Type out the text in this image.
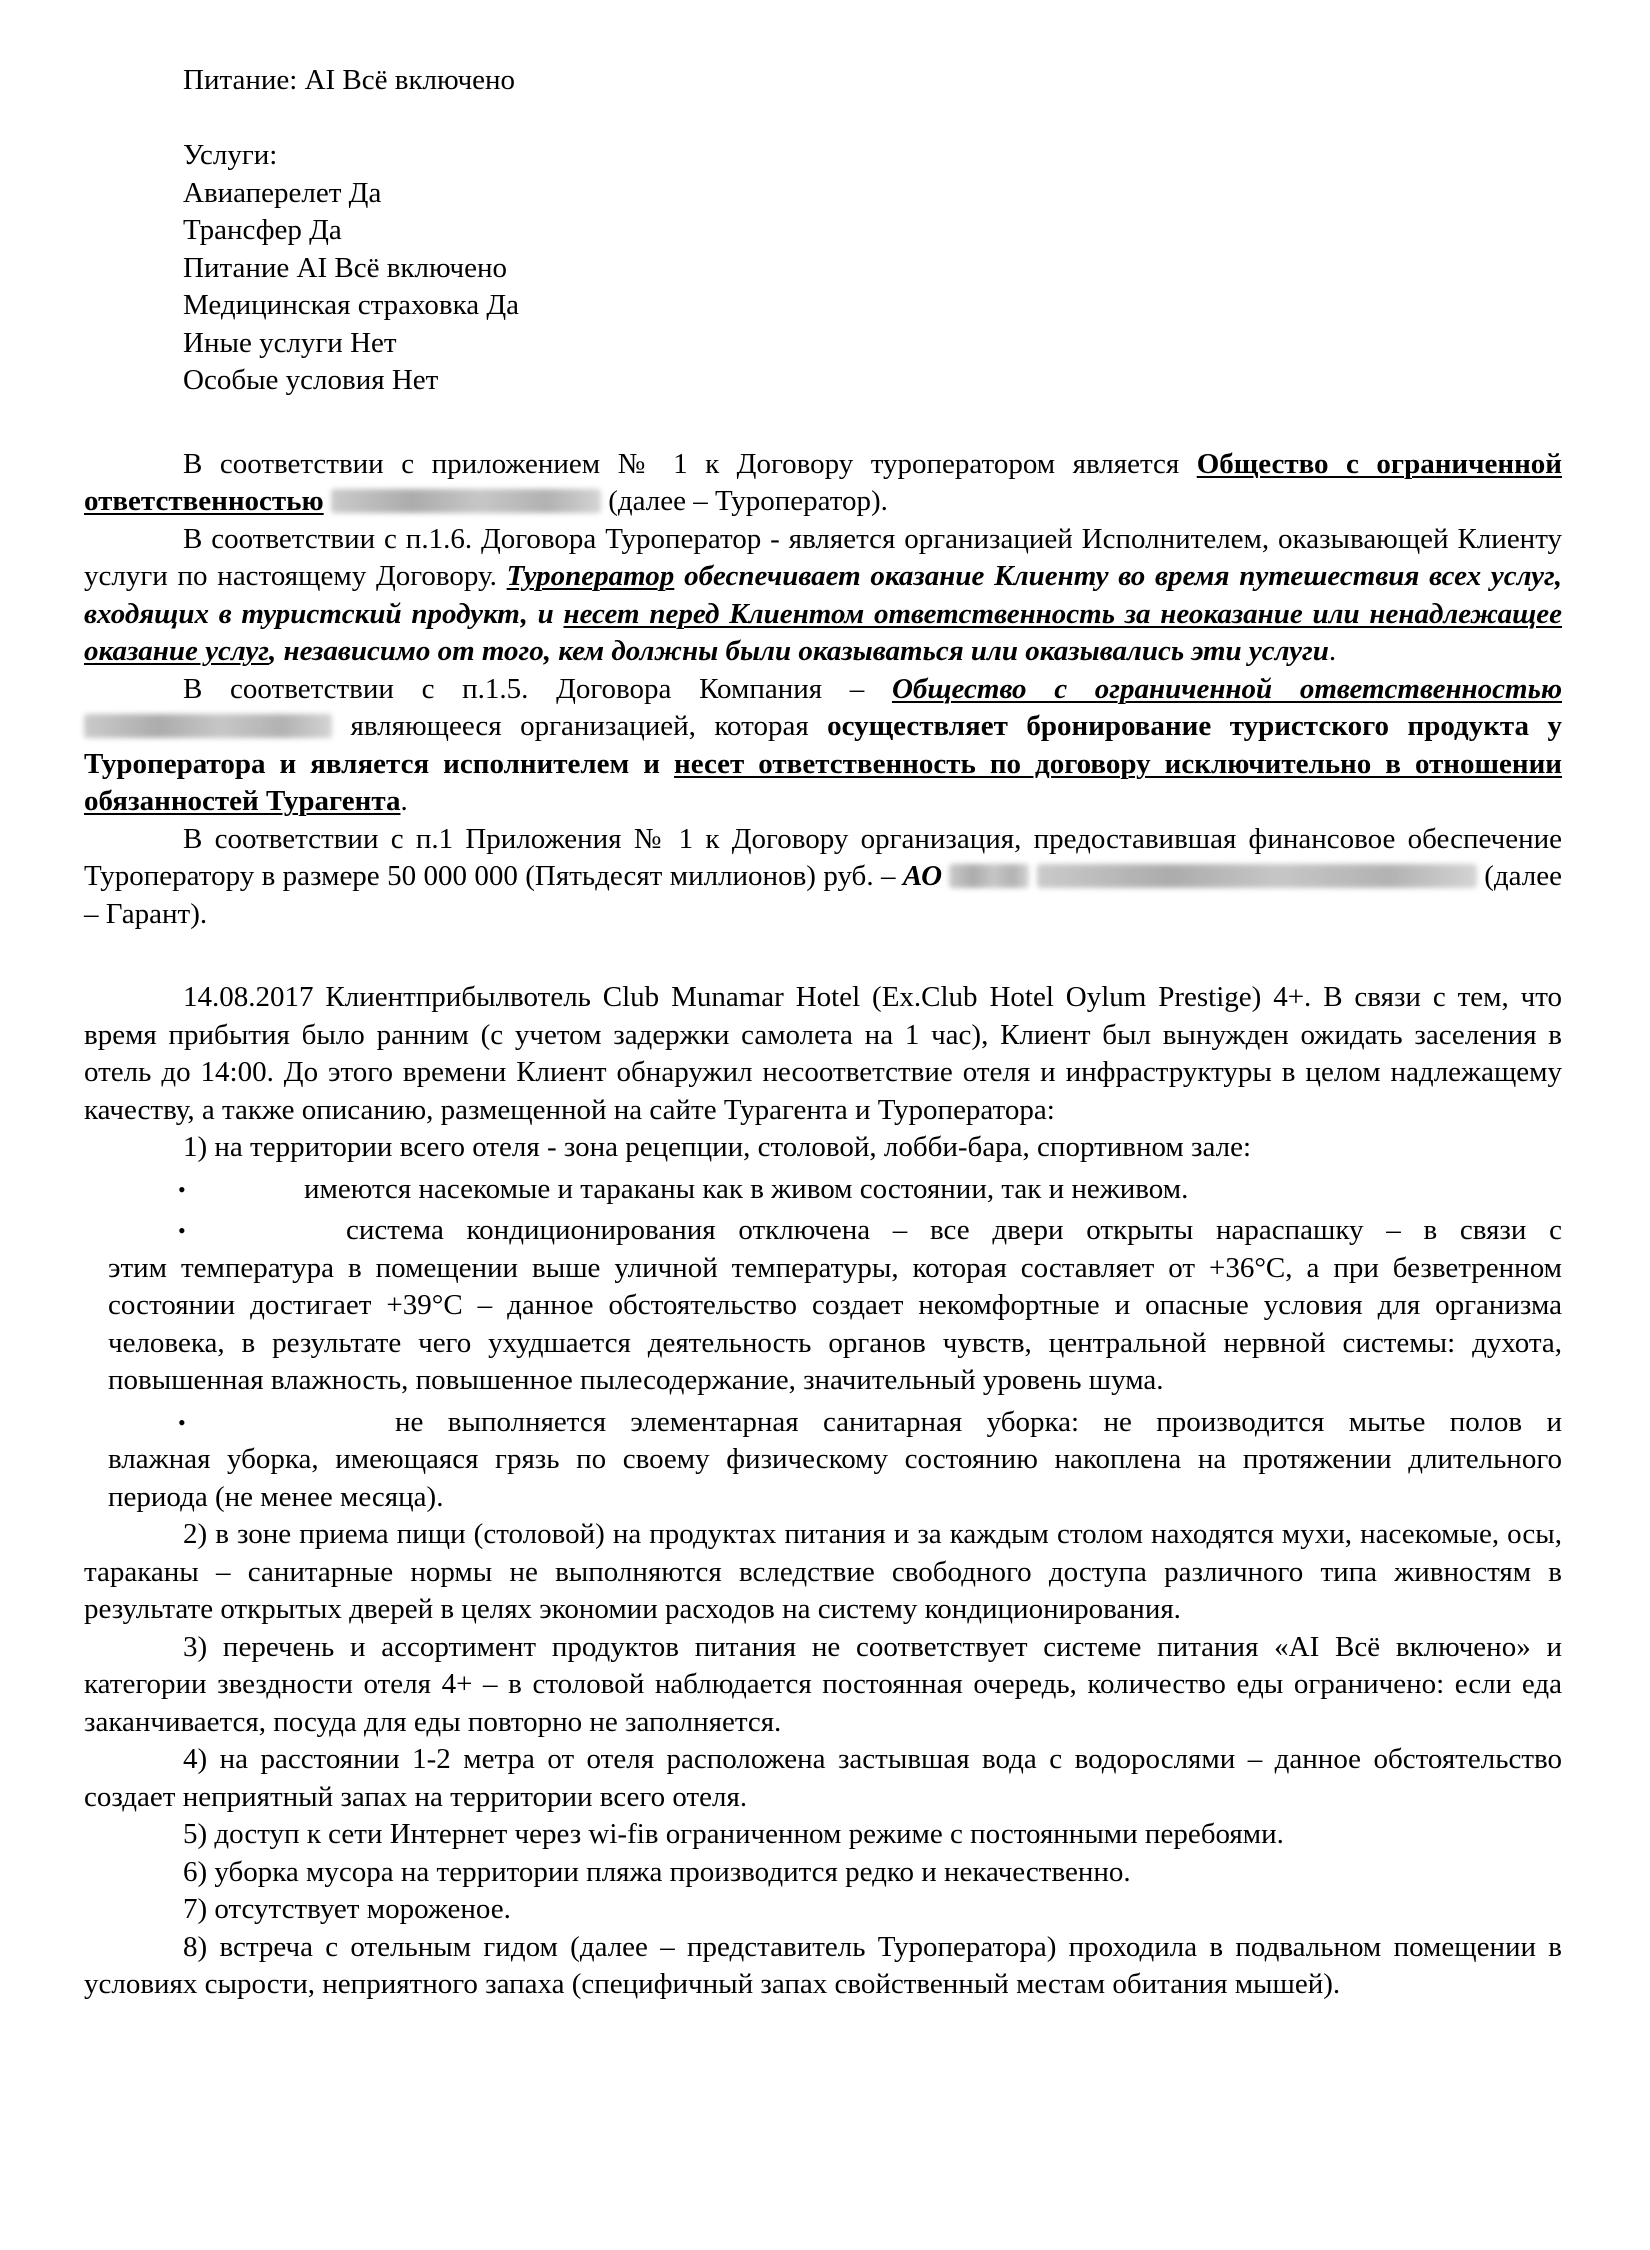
Питание: AI Всё включено

Услуги:

Авиаперелет Да

Трансфер Да

Питание AI Всё включено

Медицинская страховка Да

Иные услуги Нет

Особые условия Нет

В соответствии с приложением № 1 к Договору туроператором является Общество с ограниченной ответственностью	(далее – Туроператор).

В соответствии с п.1.6. Договора Туроператор - является организацией Исполнителем, оказывающей Клиенту услуги по настоящему Договору. Туроператор обеспечивает оказание Клиенту во время путешествия всех услуг, входящих в туристский продукт, и несет перед Клиентом ответственность за неоказание или ненадлежащее оказание услуг, независимо от того, кем должны были оказываться или оказывались эти услуги.

В соответствии с п.1.5. Договора Компания – Общество с ограниченной ответственностью  являющееся организацией, которая осуществляет бронирование туристского продукта у Туроператора и является исполнителем и несет ответственность по договору исключительно в отношении обязанностей Турагента.

В соответствии с п.1 Приложения № 1 к Договору организация, предоставившая финансовое обеспечение Туроператору в размере 50 000 000 (Пятьдесят миллионов) руб. – АО	(далее – Гарант).

14.08.2017 Клиентприбылвотель Club Munamar Hotel (Ex.Club Hotel Oylum Prestige) 4+. В связи с тем, что время прибытия было ранним (с учетом задержки самолета на 1 час), Клиент был вынужден ожидать заселения в отель до 14:00. До этого времени Клиент обнаружил несоответствие отеля и инфраструктуры в целом надлежащему качеству, а также описанию, размещенной на сайте Турагента и Туроператора:

1) на территории всего отеля - зона рецепции, столовой, лобби-бара, спортивном зале:

•	имеются насекомые и тараканы как в живом состоянии, так и неживом.

•	система кондиционирования отключена – все двери открыты нараспашку – в связи с

этим температура в помещении выше уличной температуры, которая составляет от +36°С, а при безветренном состоянии достигает +39°С – данное обстоятельство создает некомфортные и опасные условия для организма человека, в результате чего ухудшается деятельность органов чувств, центральной нервной системы: духота, повышенная влажность, повышенное пылесодержание, значительный уровень шума.

•	не выполняется элементарная санитарная уборка: не производится мытье полов и

влажная уборка, имеющаяся грязь по своему физическому состоянию накоплена на протяжении длительного периода (не менее месяца).

2) в зоне приема пищи (столовой) на продуктах питания и за каждым столом находятся мухи, насекомые, осы, тараканы – санитарные нормы не выполняются вследствие свободного доступа различного типа живностям в результате открытых дверей в целях экономии расходов на систему кондиционирования.

3) перечень и ассортимент продуктов питания не соответствует системе питания «AI Всё включено» и категории звездности отеля 4+ – в столовой наблюдается постоянная очередь, количество еды ограничено: если еда заканчивается, посуда для еды повторно не заполняется.

4) на расстоянии 1-2 метра от отеля расположена застывшая вода с водорослями – данное обстоятельство создает неприятный запах на территории всего отеля.

5) доступ к сети Интернет через wi-fiв ограниченном режиме с постоянными перебоями.

6) уборка мусора на территории пляжа производится редко и некачественно.

7) отсутствует мороженое.

8) встреча с отельным гидом (далее – представитель Туроператора) проходила в подвальном помещении в условиях сырости, неприятного запаха (специфичный запах свойственный местам обитания мышей).
